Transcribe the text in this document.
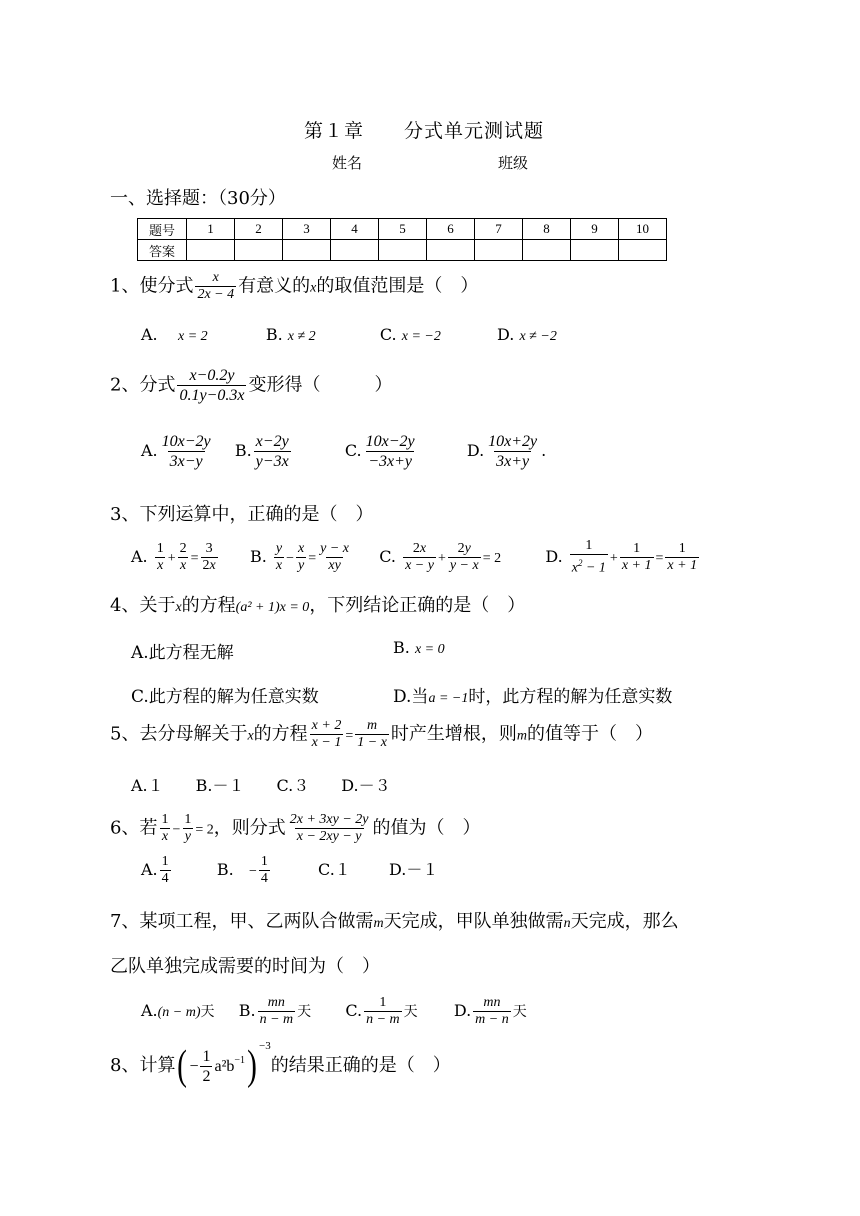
第１章　　分式单元测试题
姓名	班级
一、选择题：（30分）
题号	1	2	3	4	5	6	7	8	9	10
答案										
1、使分式 $\frac{x}{2x - 4}$ 有意义的x的取值范围是（　）
A. x = 2	B. x ≠ 2	C. x = −2	D. x ≠ −2
2、分式 $\frac{x-0.2y}{0.1y-0.3x}$ 变形得（　　　）
A. $\frac{10x-2y}{3x-y} B$. $\frac{x-2y}{y-3x}$	C. $\frac{10x-2y}{-3x+y}$	D. $\frac{10x+2y}{3x+y}$ .
3、下列运算中，正确的是（　）
A. $\frac{1}{x} + \frac{2}{x} = \frac{3}{2x} B$. $\frac{y}{x} - \frac{x}{y} = \frac{y - x}{xy} C$. $\frac{2x}{x - y} + \frac{2y}{y - x} = 2$	D. $\frac{1}{x^2 - 1} + \frac{1}{x + 1} = \frac{1}{x + 1}$
4、关于x的方程(a² + 1)x = 0，下列结论正确的是（　）
A.此方程无解	B. x = 0
C.此方程的解为任意实数	D.当a = −1时，此方程的解为任意实数
5、去分母解关于x的方程 $\frac{x + 2}{x - 1} = \frac{m}{1 - x}$ 时产生增根，则m的值等于（　）
A.１　　B.－１　　C.３　　D.－３
6、若 $\frac{1}{x} - \frac{1}{y} = 2$，则分式 $\frac{2x + 3xy - 2y}{x - 2xy - y}$ 的值为（　）
A. $\frac{1}{4}$	B. − $\frac{1}{4}$	C.１ D.－１
7、某项工程，甲、乙两队合做需m天完成，甲队单独做需n天完成，那么
乙队单独完成需要的时间为（　）
A.(n − m)天 B. $\frac{mn}{n - m}$ 天 C. $\frac{1}{n - m}$ 天 D. $\frac{mn}{m - n}$ 天
8、计算( − $\frac{1}{2} a^2b^{-1}$) $^{-3}$的结果正确的是（　）
